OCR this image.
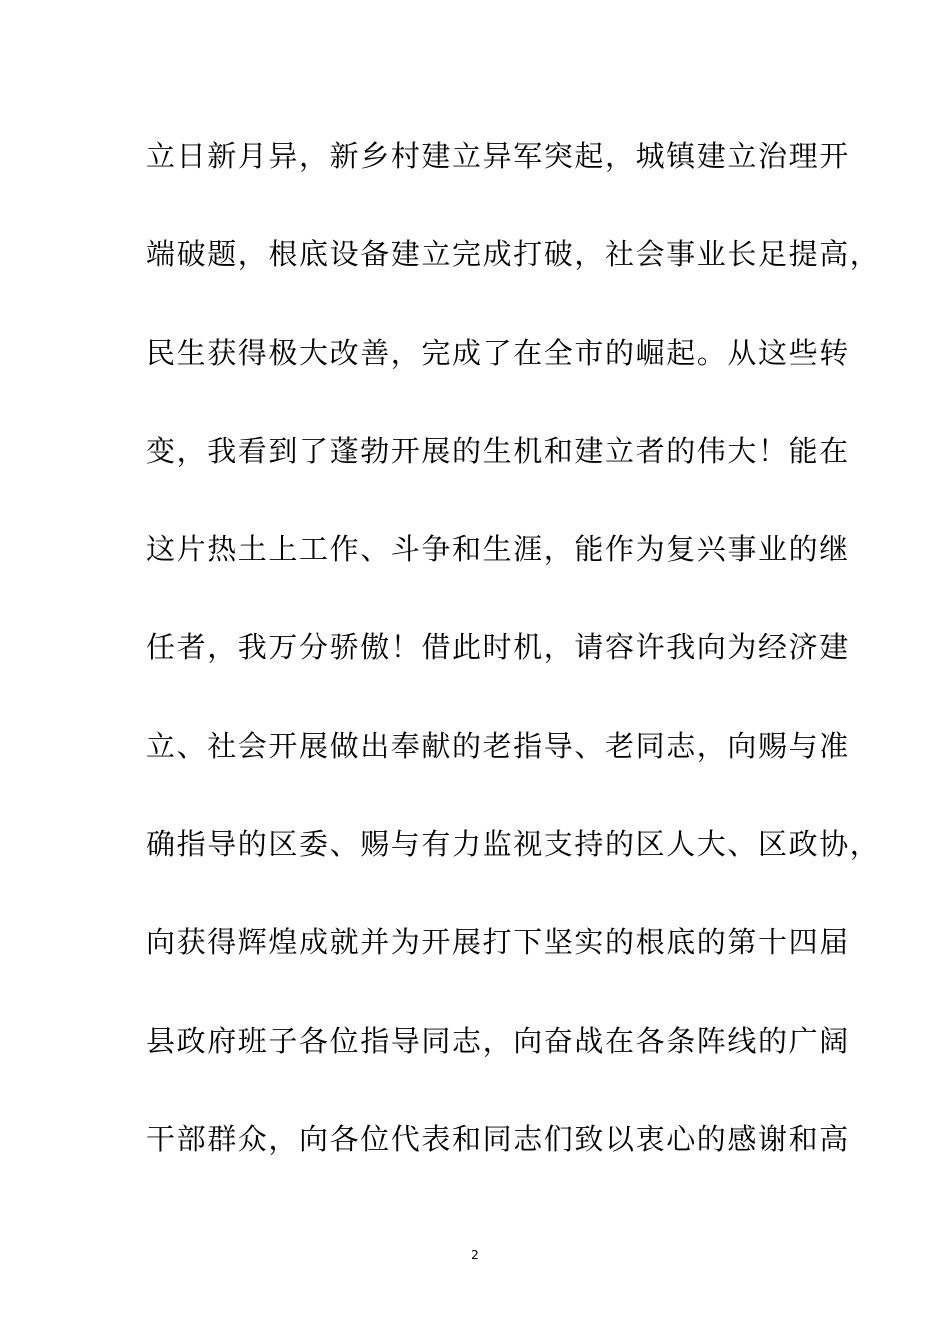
立日新月异，新乡村建立异军突起，城镇建立治理开
端破题，根底设备建立完成打破，社会事业长足提高，
民生获得极大改善，完成了在全市的崛起。从这些转
变，我看到了蓬勃开展的生机和建立者的伟大！能在
这片热土上工作、斗争和生涯，能作为复兴事业的继
任者，我万分骄傲！借此时机，请容许我向为经济建
立、社会开展做出奉献的老指导、老同志，向赐与准
确指导的区委、赐与有力监视支持的区人大、区政协，
向获得辉煌成就并为开展打下坚实的根底的第十四届
县政府班子各位指导同志，向奋战在各条阵线的广阔
干部群众，向各位代表和同志们致以衷心的感谢和高
2
